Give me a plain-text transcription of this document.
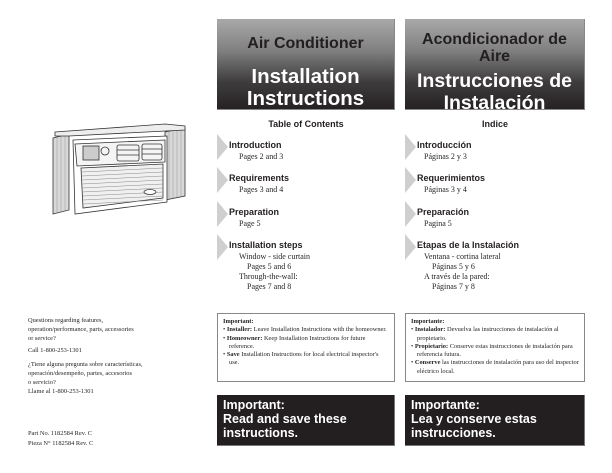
Questions regarding features,
operation/performance, parts, accessories
or service?
Call 1-800-253-1301
¿Tiene alguna pregunta sobre características,
operación/desempeño, partes, accesorios
o servicio?
Llame al 1-800-253-1301
Part No. 1182584 Rev. C
Pieza N° 1182584 Rev. C
Air Conditioner
Installation
Instructions
Table of Contents
Introduction
Pages 2 and 3
Requirements
Pages 3 and 4
Preparation
Page 5
Installation steps
Window - side curtain
Pages 5 and 6
Through-the-wall:
Pages 7 and 8
Important:
• Installer: Leave Installation Instructions with the homeowner.
• Homeowner: Keep Installation Instructions for future reference.
• Save Installation Instructions for local electrical inspector's use.
Important:
Read and save these
instructions.
Acondicionador de
Aire
Instrucciones de
Instalación
Indice
Introducción
Páginas 2 y 3
Requerimientos
Páginas 3 y 4
Preparación
Pagina 5
Etapas de la Instalación
Ventana - cortina lateral
Páginas 5 y 6
A través de la pared:
Páginas 7 y 8
Importante:
• Instalador: Devuelva las instrucciones de instalación al propietario.
• Propietario: Conserve estas instrucciones de instalación para referencia futura.
• Conserve las instrucciones de instalación para uso del inspector eléctrico local.
Importante:
Lea y conserve estas
instrucciones.
